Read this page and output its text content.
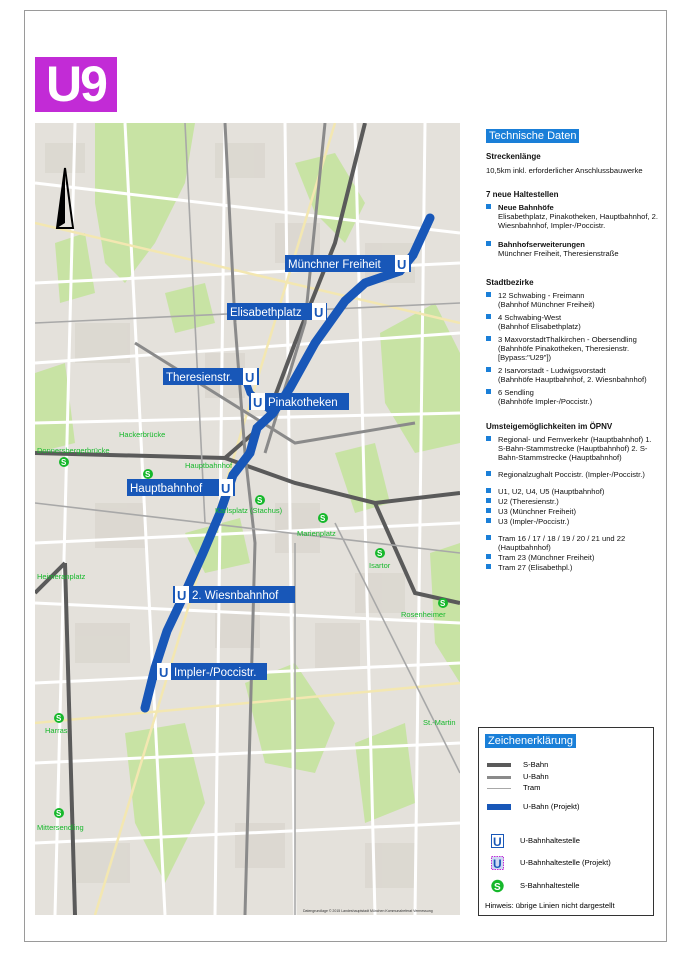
U9
S
S
S
S
S
S
S
S
Hackerbrücke
Hauptbahnhof
Karlsplatz (Stachus)
Marienplatz
Isartor
Rosenheimer
Harras
Mittersendling
Donnersbergerbrücke
Heimeranplatz
St.-Martin
Münchner Freiheit U
Elisabethplatz U
Theresienstr. U
U Pinakotheken
Hauptbahnhof U
U 2. Wiesnbahnhof
U Impler-/Poccistr.
Datengrundlage © 2015 Landeshauptstadt München Kommunalreferat Vermessung
Technische Daten
Streckenlänge
10,5km inkl. erforderlicher Anschlussbauwerke
7 neue Haltestellen
Neue Bahnhöfe
Elisabethplatz, Pinakotheken, Hauptbahnhof, 2. Wiesnbahnhof, Impler-/Poccistr.
Bahnhofserweiterungen
Münchner Freiheit, Theresienstraße
Stadtbezirke
12 Schwabing - Freimann
(Bahnhof Münchner Freiheit)
4 Schwabing-West
(Bahnhof Elisabethplatz)
3 MaxvorstadtThalkirchen - Obersendling
(Bahnhöfe Pinakotheken, Theresienstr. [Bypass:"U29"])
2 Isarvorstadt - Ludwigsvorstadt
(Bahnhöfe Hauptbahnhof, 2. Wiesnbahnhof)
6 Sendling
(Bahnhöfe Impler-/Poccistr.)
Umsteigemöglichkeiten im ÖPNV
Regional- und Fernverkehr (Hauptbahnhof) 1. S-Bahn-Stammstrecke (Hauptbahnhof) 2. S-Bahn-Stammstrecke (Hauptbahnhof)
Regionalzughalt Poccistr. (Impler-/Poccistr.)
U1, U2, U4, U5 (Hauptbahnhof)
U2 (Theresienstr.)
U3 (Münchner Freiheit)
U3 (Impler-/Poccistr.)
Tram 16 / 17 / 18 / 19 / 20 / 21 und 22 (Hauptbahnhof)
Tram 23 (Münchner Freiheit)
Tram 27 (Elisabethpl.)
Zeichenerklärung
S-Bahn
U-Bahn
Tram
U-Bahn (Projekt)
U U-Bahnhaltestelle
U U-Bahnhaltestelle (Projekt)
S	S-Bahnhaltestelle
Hinweis: übrige Linien nicht dargestellt
